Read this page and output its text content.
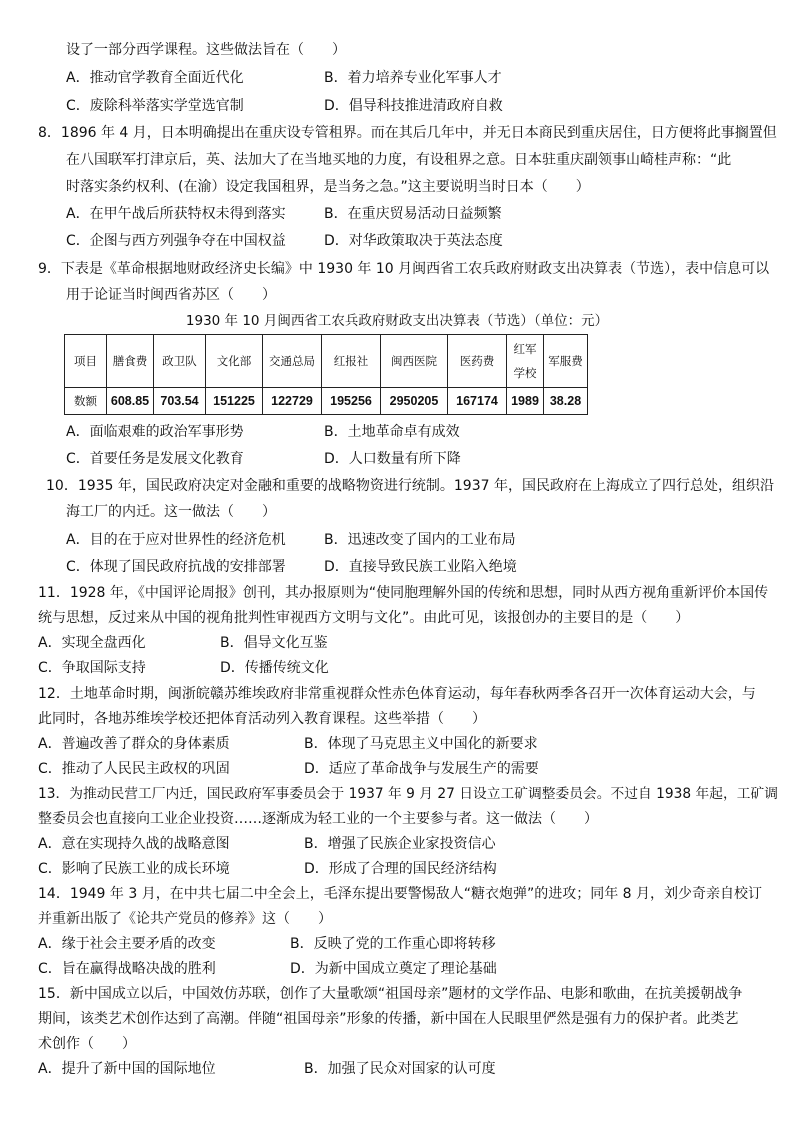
设了一部分西学课程。这些做法旨在（　　）
A．推动官学教育全面近代化	B．着力培养专业化军事人才
C．废除科举落实学堂选官制	D．倡导科技推进清政府自救
8．1896 年 4 月，日本明确提出在重庆设专管租界。而在其后几年中，并无日本商民到重庆居住，日方便将此事搁置但
在八国联军打津京后，英、法加大了在当地买地的力度，有设租界之意。日本驻重庆副领事山崎桂声称：“此
时落实条约权利、(在渝）设定我国租界，是当务之急。”这主要说明当时日本（　　）
A．在甲午战后所获特权未得到落实	B．在重庆贸易活动日益频繁
C．企图与西方列强争夺在中国权益	D．对华政策取决于英法态度
9．下表是《革命根据地财政经济史长编》中 1930 年 10 月闽西省工农兵政府财政支出决算表（节选），表中信息可以
用于论证当时闽西省苏区（　　）
1930 年 10 月闽西省工农兵政府财政支出决算表（节选）（单位：元）
项目	膳食费	政卫队	文化部	交通总局	红报社	闽西医院	医药费	红军学校	军服费
数额	608.85	703.54	151225	122729	195256	2950205	167174	1989	38.28
A．面临艰难的政治军事形势	B．土地革命卓有成效
C．首要任务是发展文化教育	D．人口数量有所下降
10．1935 年，国民政府决定对金融和重要的战略物资进行统制。1937 年，国民政府在上海成立了四行总处，组织沿
海工厂的内迁。这一做法（　　）
A．目的在于应对世界性的经济危机	B．迅速改变了国内的工业布局
C．体现了国民政府抗战的安排部署	D．直接导致民族工业陷入绝境
11．1928 年，《中国评论周报》创刊，其办报原则为“使同胞理解外国的传统和思想，同时从西方视角重新评价本国传
统与思想，反过来从中国的视角批判性审视西方文明与文化”。由此可见，该报创办的主要目的是（　　）
A．实现全盘西化	B．倡导文化互鉴
C．争取国际支持	D．传播传统文化
12．土地革命时期，闽浙皖赣苏维埃政府非常重视群众性赤色体育运动，每年春秋两季各召开一次体育运动大会，与
此同时，各地苏维埃学校还把体育活动列入教育课程。这些举措（　　）
A．普遍改善了群众的身体素质	B．体现了马克思主义中国化的新要求
C．推动了人民民主政权的巩固	D．适应了革命战争与发展生产的需要
13．为推动民营工厂内迁，国民政府军事委员会于 1937 年 9 月 27 日设立工矿调整委员会。不过自 1938 年起，工矿调
整委员会也直接向工业企业投资……逐渐成为轻工业的一个主要参与者。这一做法（　　）
A．意在实现持久战的战略意图	B．增强了民族企业家投资信心
C．影响了民族工业的成长环境	D．形成了合理的国民经济结构
14．1949 年 3 月，在中共七届二中全会上，毛泽东提出要警惕敌人“糖衣炮弹”的进攻；同年 8 月，刘少奇亲自校订
并重新出版了《论共产党员的修养》这（　　）
A．缘于社会主要矛盾的改变	B．反映了党的工作重心即将转移
C．旨在赢得战略决战的胜利	D．为新中国成立奠定了理论基础
15．新中国成立以后，中国效仿苏联，创作了大量歌颂“祖国母亲”题材的文学作品、电影和歌曲，在抗美援朝战争
期间，该类艺术创作达到了高潮。伴随“祖国母亲”形象的传播，新中国在人民眼里俨然是强有力的保护者。此类艺
术创作（　　）
A．提升了新中国的国际地位	B．加强了民众对国家的认可度
